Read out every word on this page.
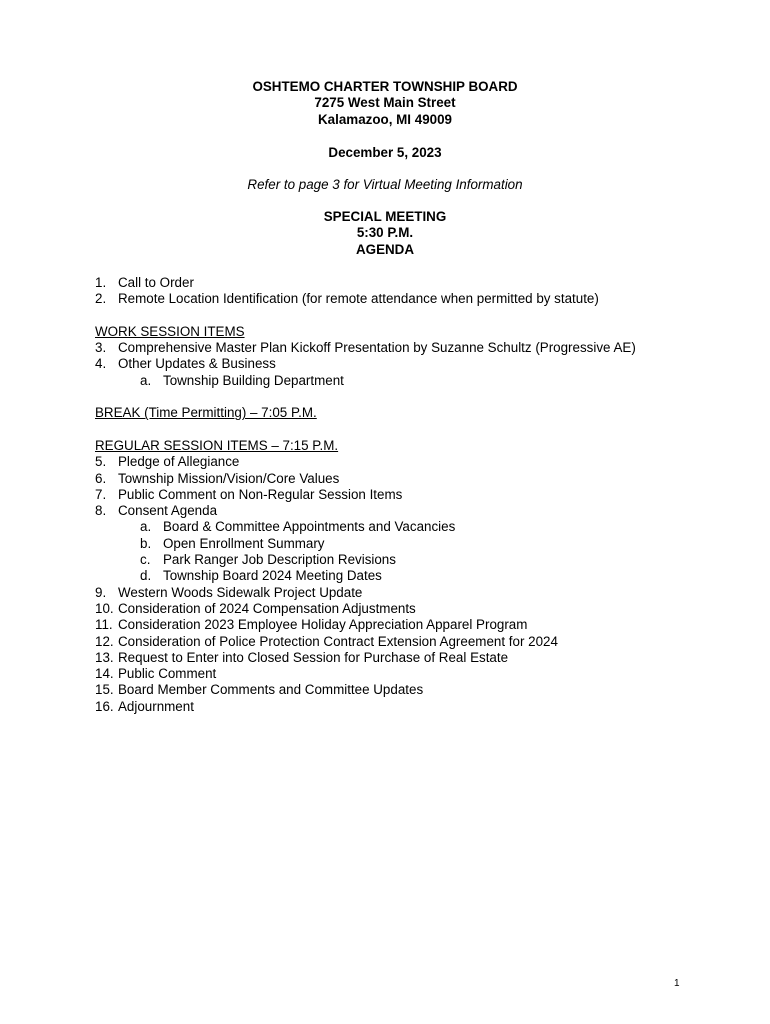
OSHTEMO CHARTER TOWNSHIP BOARD
7275 West Main Street
Kalamazoo, MI 49009
December 5, 2023
Refer to page 3 for Virtual Meeting Information
SPECIAL MEETING
5:30 P.M.
AGENDA
1. Call to Order
2. Remote Location Identification (for remote attendance when permitted by statute)
WORK SESSION ITEMS
3. Comprehensive Master Plan Kickoff Presentation by Suzanne Schultz (Progressive AE)
4. Other Updates & Business
a. Township Building Department
BREAK (Time Permitting) – 7:05 P.M.
REGULAR SESSION ITEMS – 7:15 P.M.
5. Pledge of Allegiance
6. Township Mission/Vision/Core Values
7. Public Comment on Non-Regular Session Items
8. Consent Agenda
a. Board & Committee Appointments and Vacancies
b. Open Enrollment Summary
c. Park Ranger Job Description Revisions
d. Township Board 2024 Meeting Dates
9. Western Woods Sidewalk Project Update
10. Consideration of 2024 Compensation Adjustments
11. Consideration 2023 Employee Holiday Appreciation Apparel Program
12. Consideration of Police Protection Contract Extension Agreement for 2024
13. Request to Enter into Closed Session for Purchase of Real Estate
14. Public Comment
15. Board Member Comments and Committee Updates
16. Adjournment
1
